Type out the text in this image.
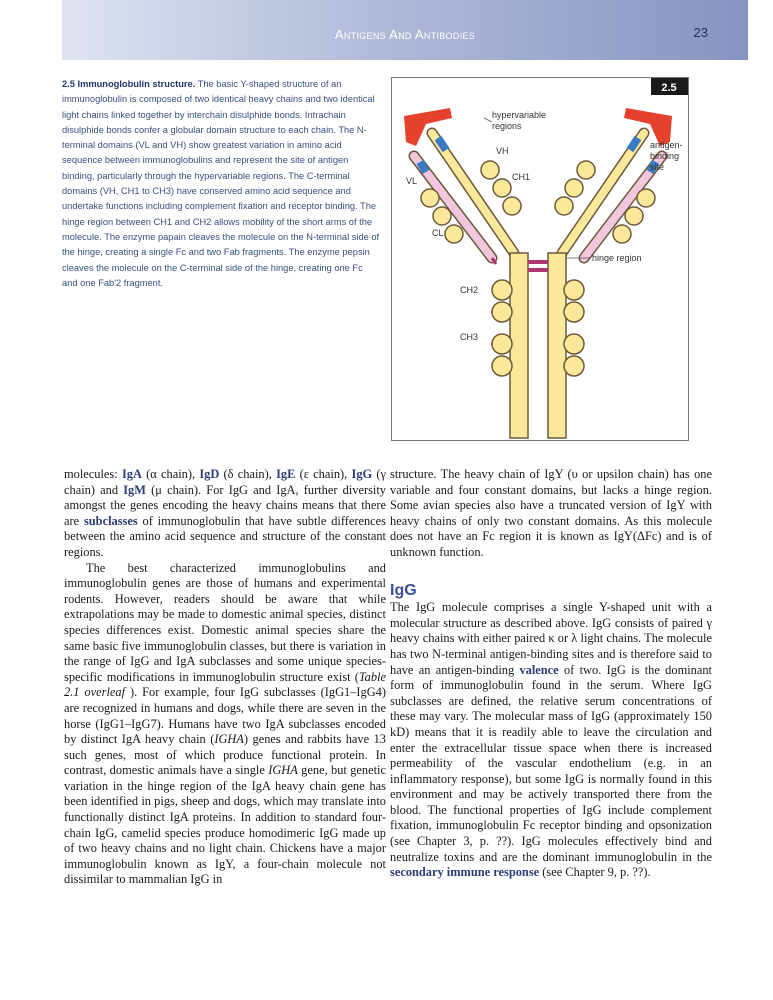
Antigens And Antibodies	23
2.5 Immunoglobulin structure. The basic Y-shaped structure of an immunoglobulin is composed of two identical heavy chains and two identical light chains linked together by interchain disulphide bonds. Intrachain disulphide bonds confer a globular domain structure to each chain. The N-terminal domains (VL and VH) show greatest variation in amino acid sequence between immunoglobulins and represent the site of antigen binding, particularly through the hypervariable regions. The C-terminal domains (VH, CH1 to CH3) have conserved amino acid sequence and undertake functions including complement fixation and receptor binding. The hinge region between CH1 and CH2 allows mobility of the short arms of the molecule. The enzyme papain cleaves the molecule on the N-terminal side of the hinge, creating a single Fc and two Fab fragments. The enzyme pepsin cleaves the molecule on the C-terminal side of the hinge, creating one Fc and one Fab'2 fragment.
2.5
hypervariable
regions
VH
VL	CH1
CL
antigen-
binding
site
hinge region
CH2
CH3

molecules: IgA (α chain), IgD (δ chain), IgE (ε chain), IgG (γ chain) and IgM (μ chain). For IgG and IgA, further diversity amongst the genes encoding the heavy chains means that there are subclasses of immunoglobulin that have subtle differences between the amino acid sequence and structure of the constant regions.

The best characterized immunoglobulins and immunoglobulin genes are those of humans and experimental rodents. However, readers should be aware that while extrapolations may be made to domestic animal species, distinct species differences exist. Domestic animal species share the same basic five immunoglobulin classes, but there is variation in the range of IgG and IgA subclasses and some unique species-specific modifications in immunoglobulin structure exist (Table 2.1 overleaf ). For example, four IgG subclasses (IgG1–IgG4) are recognized in humans and dogs, while there are seven in the horse (IgG1–IgG7). Humans have two IgA subclasses encoded by distinct IgA heavy chain (IGHA) genes and rabbits have 13 such genes, most of which produce functional protein. In contrast, domestic animals have a single IGHA gene, but genetic variation in the hinge region of the IgA heavy chain gene has been identified in pigs, sheep and dogs, which may translate into functionally distinct IgA proteins. In addition to standard four-chain IgG, camelid species produce homodimeric IgG made up of two heavy chains and no light chain. Chickens have a major immunoglobulin known as IgY, a four-chain molecule not dissimilar to mammalian IgG in

structure. The heavy chain of IgY (υ or upsilon chain) has one variable and four constant domains, but lacks a hinge region. Some avian species also have a truncated version of IgY with heavy chains of only two constant domains. As this molecule does not have an Fc region it is known as IgY(ΔFc) and is of unknown function.

IgG

The IgG molecule comprises a single Y-shaped unit with a molecular structure as described above. IgG consists of paired γ heavy chains with either paired κ or λ light chains. The molecule has two N-terminal antigen-binding sites and is therefore said to have an antigen-binding valence of two. IgG is the dominant form of immunoglobulin found in the serum. Where IgG subclasses are defined, the relative serum concentrations of these may vary. The molecular mass of IgG (approximately 150 kD) means that it is readily able to leave the circulation and enter the extracellular tissue space when there is increased permeability of the vascular endothelium (e.g. in an inflammatory response), but some IgG is normally found in this environment and may be actively transported there from the blood. The functional properties of IgG include complement fixation, immunoglobulin Fc receptor binding and opsonization (see Chapter 3, p. ??). IgG molecules effectively bind and neutralize toxins and are the dominant immunoglobulin in the secondary immune response (see Chapter 9, p. ??).
